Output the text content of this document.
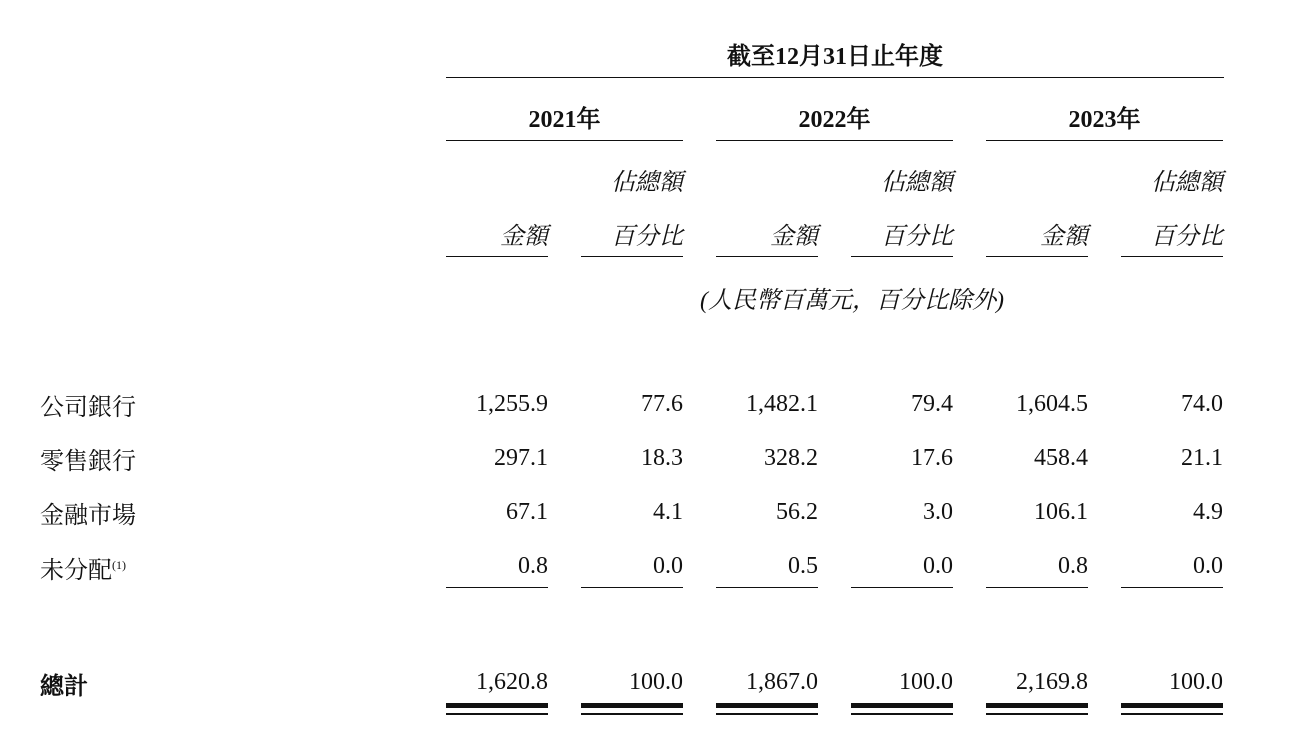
截至12月31日止年度
2021年	2022年	2023年
佔總額	佔總額	佔總額
金額	百分比	金額	百分比	金額	百分比
(人民幣百萬元，百分比除外)
公司銀行	1,255.9	77.6	1,482.1	79.4	1,604.5	74.0
零售銀行	297.1	18.3	328.2	17.6	458.4	21.1
金融市場	67.1	4.1	56.2	3.0	106.1	4.9
未分配$^{(1)}$	0.8	0.0	0.5	0.0	0.8	0.0
總計	1,620.8	100.0	1,867.0	100.0	2,169.8	100.0
